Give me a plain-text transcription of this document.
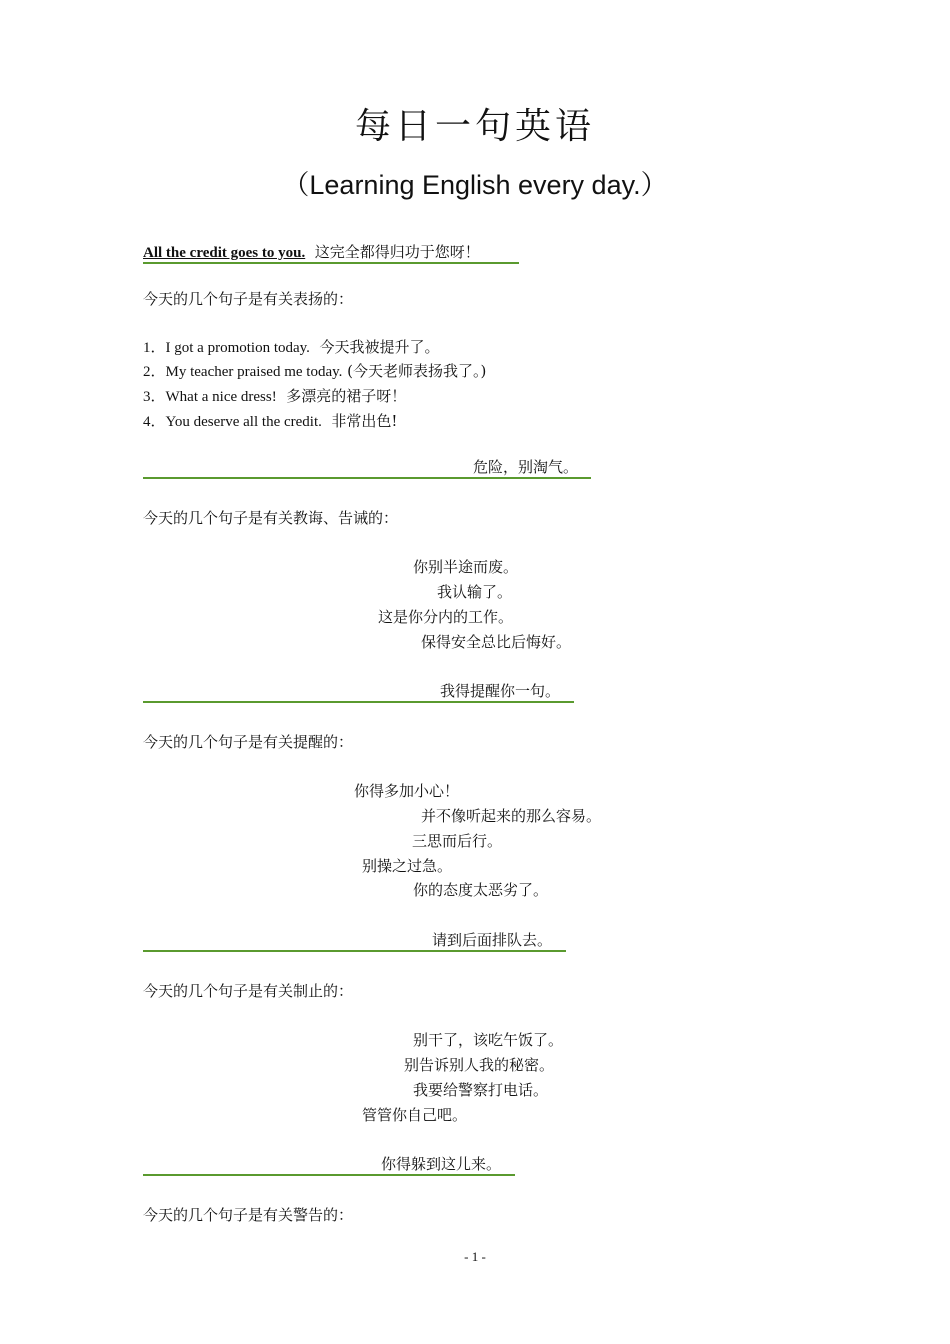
每日一句英语
（Learning English every day.）
All the credit goes to you. 这完全都得归功于您呀！
今天的几个句子是有关表扬的：
1．I got a promotion today. 今天我被提升了。
2．My teacher praised me today. (今天老师表扬我了。)
3．What a nice dress! 多漂亮的裙子呀！
4．You deserve all the credit. 非常出色!
危险，别淘气。
今天的几个句子是有关教诲、告诫的：
你别半途而废。
我认输了。
这是你分内的工作。
保得安全总比后悔好。
我得提醒你一句。
今天的几个句子是有关提醒的：
你得多加小心！
并不像听起来的那么容易。
三思而后行。
别操之过急。
你的态度太恶劣了。
请到后面排队去。
今天的几个句子是有关制止的：
别干了，该吃午饭了。
别告诉别人我的秘密。
我要给警察打电话。
管管你自己吧。
你得躲到这儿来。
今天的几个句子是有关警告的：
- 1 -
